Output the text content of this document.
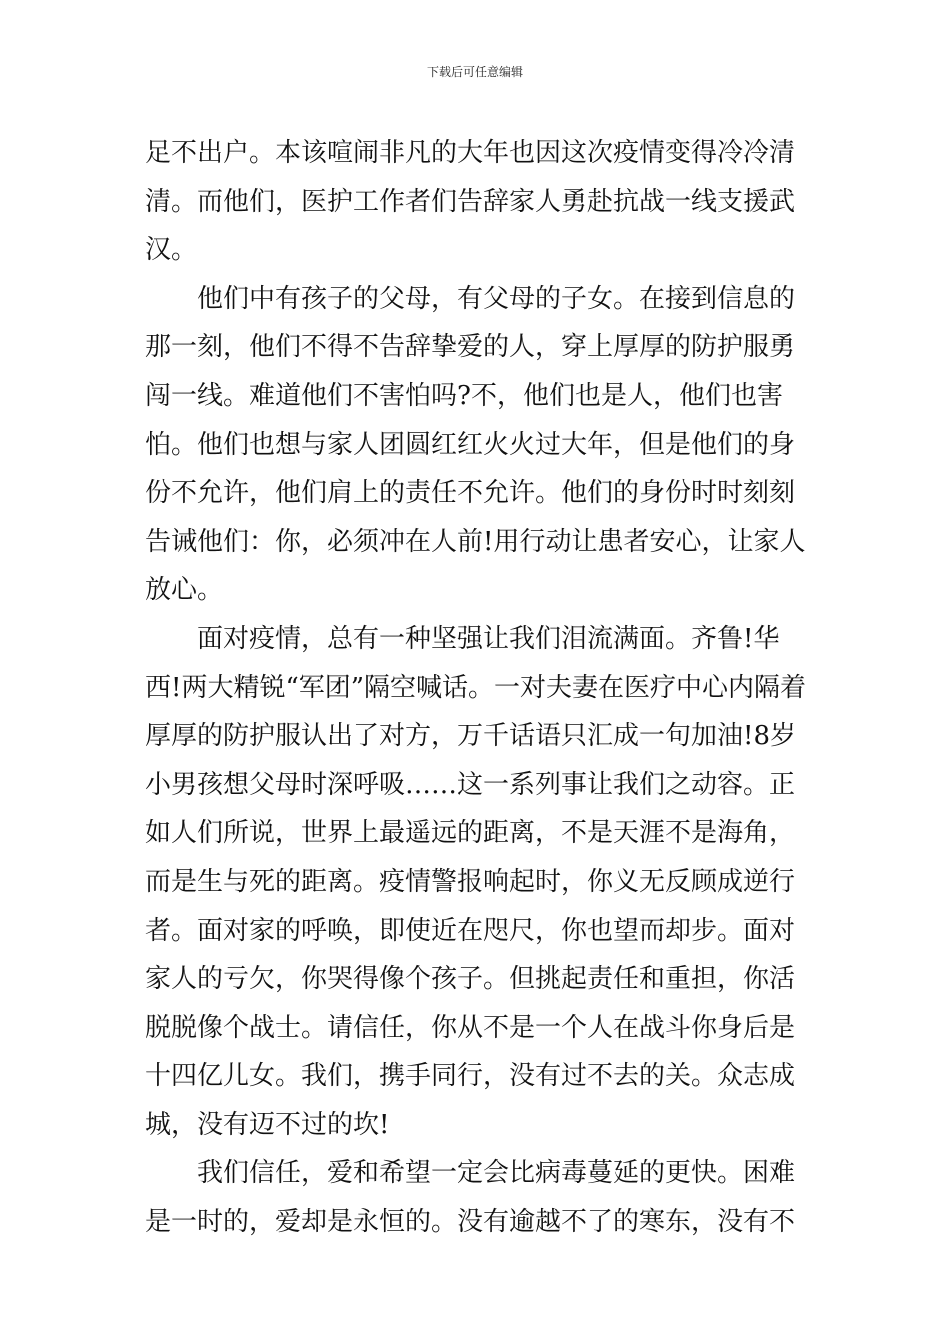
下载后可任意编辑

足不出户。本该喧闹非凡的大年也因这次疫情变得冷冷清清。而他们，医护工作者们告辞家人勇赴抗战一线支援武汉。

他们中有孩子的父母，有父母的子女。在接到信息的那一刻，他们不得不告辞挚爱的人，穿上厚厚的防护服勇闯一线。难道他们不害怕吗?不，他们也是人，他们也害怕。他们也想与家人团圆红红火火过大年，但是他们的身份不允许，他们肩上的责任不允许。他们的身份时时刻刻告诫他们：你，必须冲在人前!用行动让患者安心，让家人放心。

面对疫情，总有一种坚强让我们泪流满面。齐鲁!华西!两大精锐“军团”隔空喊话。一对夫妻在医疗中心内隔着厚厚的防护服认出了对方，万千话语只汇成一句加油!8岁小男孩想父母时深呼吸……这一系列事让我们之动容。正如人们所说，世界上最遥远的距离，不是天涯不是海角，而是生与死的距离。疫情警报响起时，你义无反顾成逆行者。面对家的呼唤，即使近在咫尺，你也望而却步。面对家人的亏欠，你哭得像个孩子。但挑起责任和重担，你活脱脱像个战士。请信任，你从不是一个人在战斗你身后是十四亿儿女。我们，携手同行，没有过不去的关。众志成城，没有迈不过的坎!

我们信任，爱和希望一定会比病毒蔓延的更快。困难是一时的，爱却是永恒的。没有逾越不了的寒东，没有不
